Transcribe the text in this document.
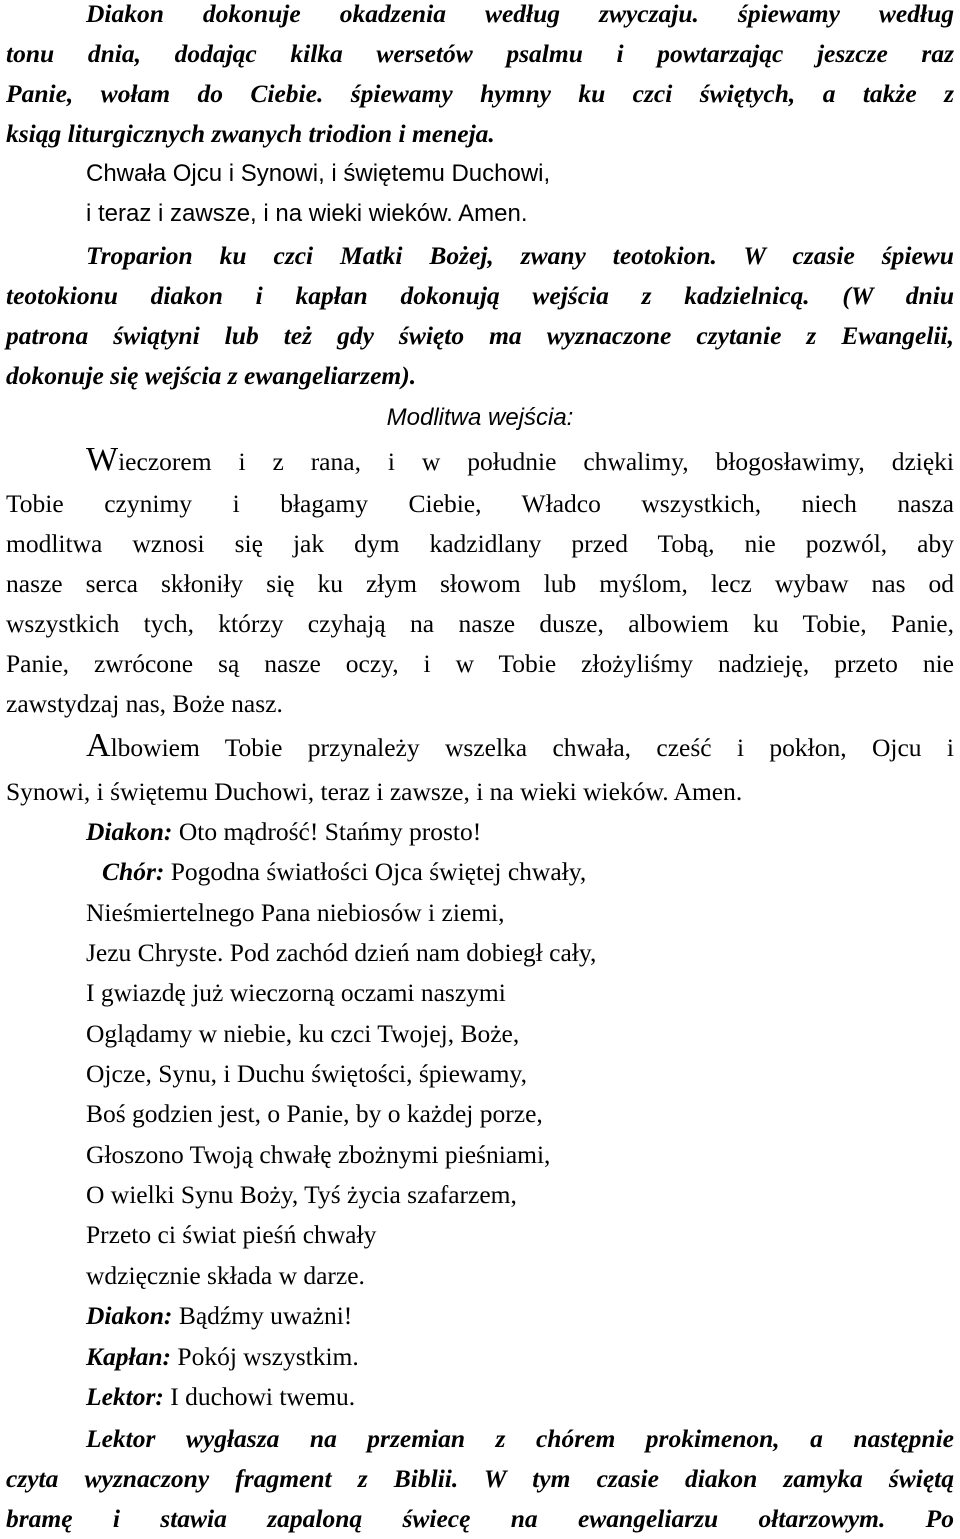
Diakon dokonuje okadzenia według zwyczaju. śpiewamy według
tonu dnia, dodając kilka wersetów psalmu i powtarzając jeszcze raz
Panie, wołam do Ciebie. śpiewamy hymny ku czci świętych, a także z
ksiąg liturgicznych zwanych triodion i meneja.
Chwała Ojcu i Synowi, i świętemu Duchowi,
i teraz i zawsze, i na wieki wieków. Amen.
Troparion ku czci Matki Bożej, zwany teotokion. W czasie śpiewu
teotokionu diakon i kapłan dokonują wejścia z kadzielnicą. (W dniu
patrona świątyni lub też gdy święto ma wyznaczone czytanie z Ewangelii,
dokonuje się wejścia z ewangeliarzem).
Modlitwa wejścia:
Wieczorem i z rana, i w południe chwalimy, błogosławimy, dzięki
Tobie czynimy i błagamy Ciebie, Władco wszystkich, niech nasza
modlitwa wznosi się jak dym kadzidlany przed Tobą, nie pozwól, aby
nasze serca skłoniły się ku złym słowom lub myślom, lecz wybaw nas od
wszystkich tych, którzy czyhają na nasze dusze, albowiem ku Tobie, Panie,
Panie, zwrócone są nasze oczy, i w Tobie złożyliśmy nadzieję, przeto nie
zawstydzaj nas, Boże nasz.
Albowiem Tobie przynależy wszelka chwała, cześć i pokłon, Ojcu i
Synowi, i świętemu Duchowi, teraz i zawsze, i na wieki wieków. Amen.
Diakon: Oto mądrość! Stańmy prosto!
Chór: Pogodna światłości Ojca świętej chwały,
Nieśmiertelnego Pana niebiosów i ziemi,
Jezu Chryste. Pod zachód dzień nam dobiegł cały,
I gwiazdę już wieczorną oczami naszymi
Oglądamy w niebie, ku czci Twojej, Boże,
Ojcze, Synu, i Duchu świętości, śpiewamy,
Boś godzien jest, o Panie, by o każdej porze,
Głoszono Twoją chwałę zbożnymi pieśniami,
O wielki Synu Boży, Tyś życia szafarzem,
Przeto ci świat pieśń chwały
wdzięcznie składa w darze.
Diakon: Bądźmy uważni!
Kapłan: Pokój wszystkim.
Lektor: I duchowi twemu.
Lektor wygłasza na przemian z chórem prokimenon, a następnie
czyta wyznaczony fragment z Biblii. W tym czasie diakon zamyka świętą
bramę i stawia zapaloną świecę na ewangeliarzu ołtarzowym. Po
